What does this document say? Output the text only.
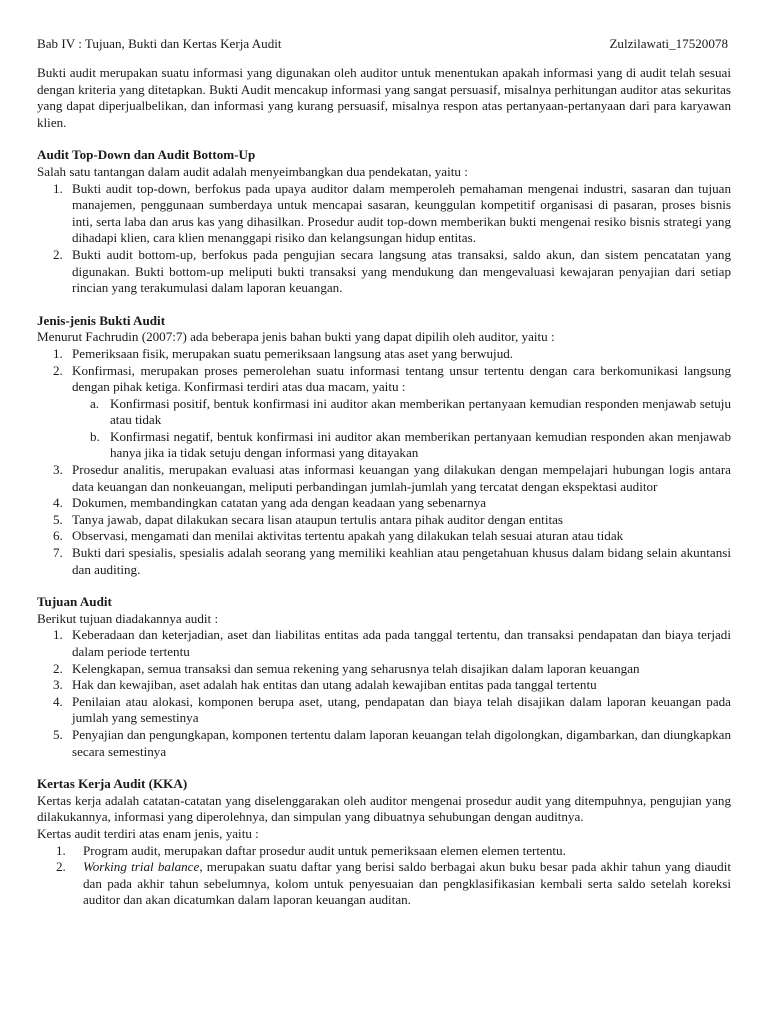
Bab IV : Tujuan, Bukti dan Kertas Kerja Audit	Zulzilawati_17520078

Bukti audit merupakan suatu informasi yang digunakan oleh auditor untuk menentukan apakah informasi yang di audit telah sesuai dengan kriteria yang ditetapkan. Bukti Audit mencakup informasi yang sangat persuasif, misalnya perhitungan auditor atas sekuritas yang dapat diperjualbelikan, dan informasi yang kurang persuasif, misalnya respon atas pertanyaan-pertanyaan dari para karyawan klien.

Audit Top-Down dan Audit Bottom-Up

Salah satu tantangan dalam audit adalah menyeimbangkan dua pendekatan, yaitu :

1. Bukti audit top-down, berfokus pada upaya auditor dalam memperoleh pemahaman mengenai industri, sasaran dan tujuan manajemen, penggunaan sumberdaya untuk mencapai sasaran, keunggulan kompetitif organisasi di pasaran, proses bisnis inti, serta laba dan arus kas yang dihasilkan. Prosedur audit top-down memberikan bukti mengenai resiko bisnis strategi yang dihadapi klien, cara klien menanggapi risiko dan kelangsungan hidup entitas.
2. Bukti audit bottom-up, berfokus pada pengujian secara langsung atas transaksi, saldo akun, dan sistem pencatatan yang digunakan. Bukti bottom-up meliputi bukti transaksi yang mendukung dan mengevaluasi kewajaran penyajian dari setiap rincian yang terakumulasi dalam laporan keuangan.
Jenis-jenis Bukti Audit

Menurut Fachrudin (2007:7) ada beberapa jenis bahan bukti yang dapat dipilih oleh auditor, yaitu :

1. Pemeriksaan fisik, merupakan suatu pemeriksaan langsung atas aset yang berwujud.
2. Konfirmasi, merupakan proses pemerolehan suatu informasi tentang unsur tertentu dengan cara berkomunikasi langsung dengan pihak ketiga. Konfirmasi terdiri atas dua macam, yaitu :
a. Konfirmasi positif, bentuk konfirmasi ini auditor akan memberikan pertanyaan kemudian responden menjawab setuju atau tidak
b. Konfirmasi negatif, bentuk konfirmasi ini auditor akan memberikan pertanyaan kemudian responden akan menjawab hanya jika ia tidak setuju dengan informasi yang ditayakan
3. Prosedur analitis, merupakan evaluasi atas informasi keuangan yang dilakukan dengan mempelajari hubungan logis antara data keuangan dan nonkeuangan, meliputi perbandingan jumlah-jumlah yang tercatat dengan ekspektasi auditor
4. Dokumen, membandingkan catatan yang ada dengan keadaan yang sebenarnya
5. Tanya jawab, dapat dilakukan secara lisan ataupun tertulis antara pihak auditor dengan entitas
6. Observasi, mengamati dan menilai aktivitas tertentu apakah yang dilakukan telah sesuai aturan atau tidak
7. Bukti dari spesialis, spesialis adalah seorang yang memiliki keahlian atau pengetahuan khusus dalam bidang selain akuntansi dan auditing.
Tujuan Audit

Berikut tujuan diadakannya audit :

1. Keberadaan dan keterjadian, aset dan liabilitas entitas ada pada tanggal tertentu, dan transaksi pendapatan dan biaya terjadi dalam periode tertentu
2. Kelengkapan, semua transaksi dan semua rekening yang seharusnya telah disajikan dalam laporan keuangan
3. Hak dan kewajiban, aset adalah hak entitas dan utang adalah kewajiban entitas pada tanggal tertentu
4. Penilaian atau alokasi, komponen berupa aset, utang, pendapatan dan biaya telah disajikan dalam laporan keuangan pada jumlah yang semestinya
5. Penyajian dan pengungkapan, komponen tertentu dalam laporan keuangan telah digolongkan, digambarkan, dan diungkapkan secara semestinya
Kertas Kerja Audit (KKA)

Kertas kerja adalah catatan-catatan yang diselenggarakan oleh auditor mengenai prosedur audit yang ditempuhnya, pengujian yang dilakukannya, informasi yang diperolehnya, dan simpulan yang dibuatnya sehubungan dengan auditnya.

Kertas audit terdiri atas enam jenis, yaitu :

1. Program audit, merupakan daftar prosedur audit untuk pemeriksaan elemen elemen tertentu.
2. Working trial balance, merupakan suatu daftar yang berisi saldo berbagai akun buku besar pada akhir tahun yang diaudit dan pada akhir tahun sebelumnya, kolom untuk penyesuaian dan pengklasifikasian kembali serta saldo setelah koreksi auditor dan akan dicatumkan dalam laporan keuangan auditan.
